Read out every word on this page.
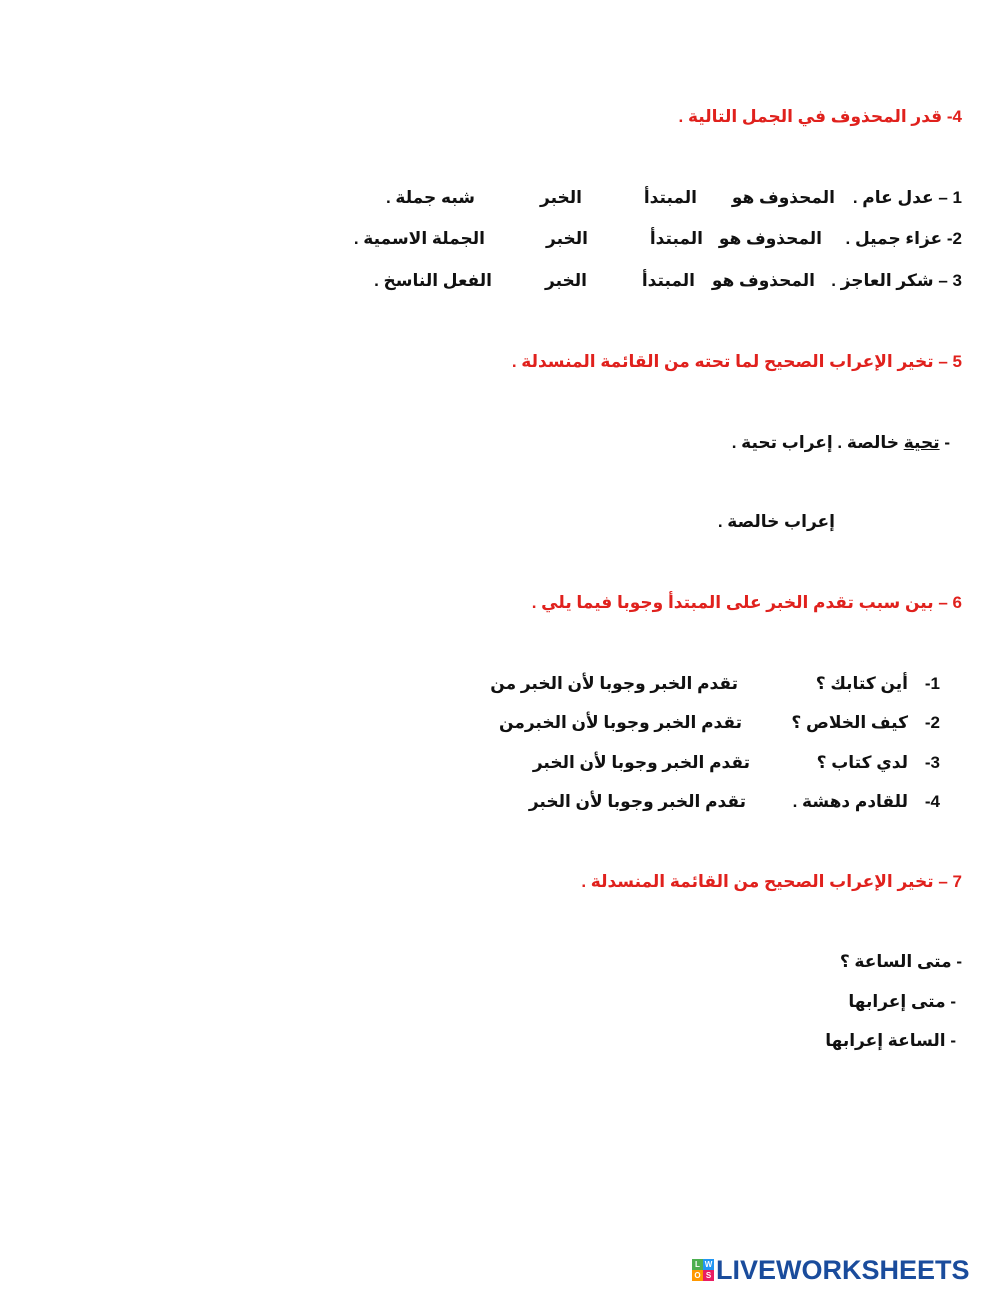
4- قدر المحذوف في الجمل التالية .
1 – عدل عام .
المحذوف هو
المبتدأ
الخبر
شبه جملة .
2- عزاء جميل .
المحذوف هو
المبتدأ
الخبر
الجملة الاسمية .
3 – شكر العاجز .
المحذوف هو
المبتدأ
الخبر
الفعل الناسخ .
5 – تخير الإعراب الصحيح لما تحته من القائمة المنسدلة .
- تحية خالصة . إعراب تحية .
إعراب خالصة .
6 – بين سبب تقدم الخبر على المبتدأ وجوبا فيما يلي .
1-
أين كتابك ؟
تقدم الخبر وجوبا لأن الخبر من
2-
كيف الخلاص ؟
تقدم الخبر وجوبا لأن الخبرمن
3-
لدي كتاب ؟
تقدم الخبر وجوبا لأن الخبر
4-
للقادم دهشة .
تقدم الخبر وجوبا لأن الخبر
7 – تخير الإعراب الصحيح من القائمة المنسدلة .
- متى الساعة ؟
- متى إعرابها
- الساعة إعرابها
L W
O S LIVEWORKSHEETS
